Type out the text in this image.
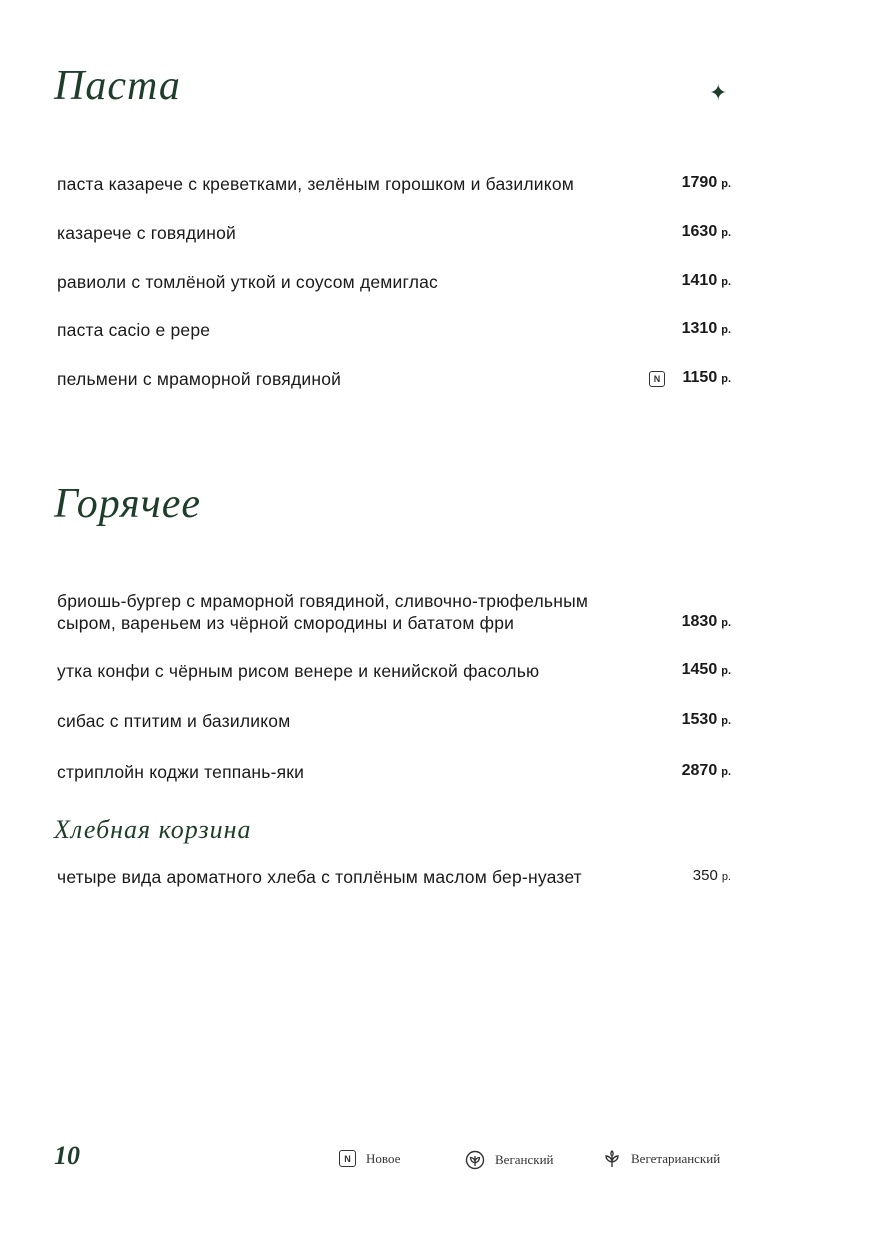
Паста	✦
паста казарече с креветками, зелёным горошком и базиликом	1790 р.
казарече с говядиной	1630 р.
равиоли с томлёной уткой и соусом демиглас	1410 р.
паста cacio e pepe	1310 р.
пельмени с мраморной говядиной	N 1150 р.
Горячее
бриошь-бургер с мраморной говядиной, сливочно-трюфельным сыром, вареньем из чёрной смородины и бататом фри	1830 р.
утка конфи с чёрным рисом венере и кенийской фасолью	1450 р.
сибас с птитим и базиликом	1530 р.
стриплойн коджи теппань-яки	2870 р.
Хлебная корзина
четыре вида ароматного хлеба с топлёным маслом бер-нуазет	350 р.
10	N	Новое	Веганский	Вегетарианский
